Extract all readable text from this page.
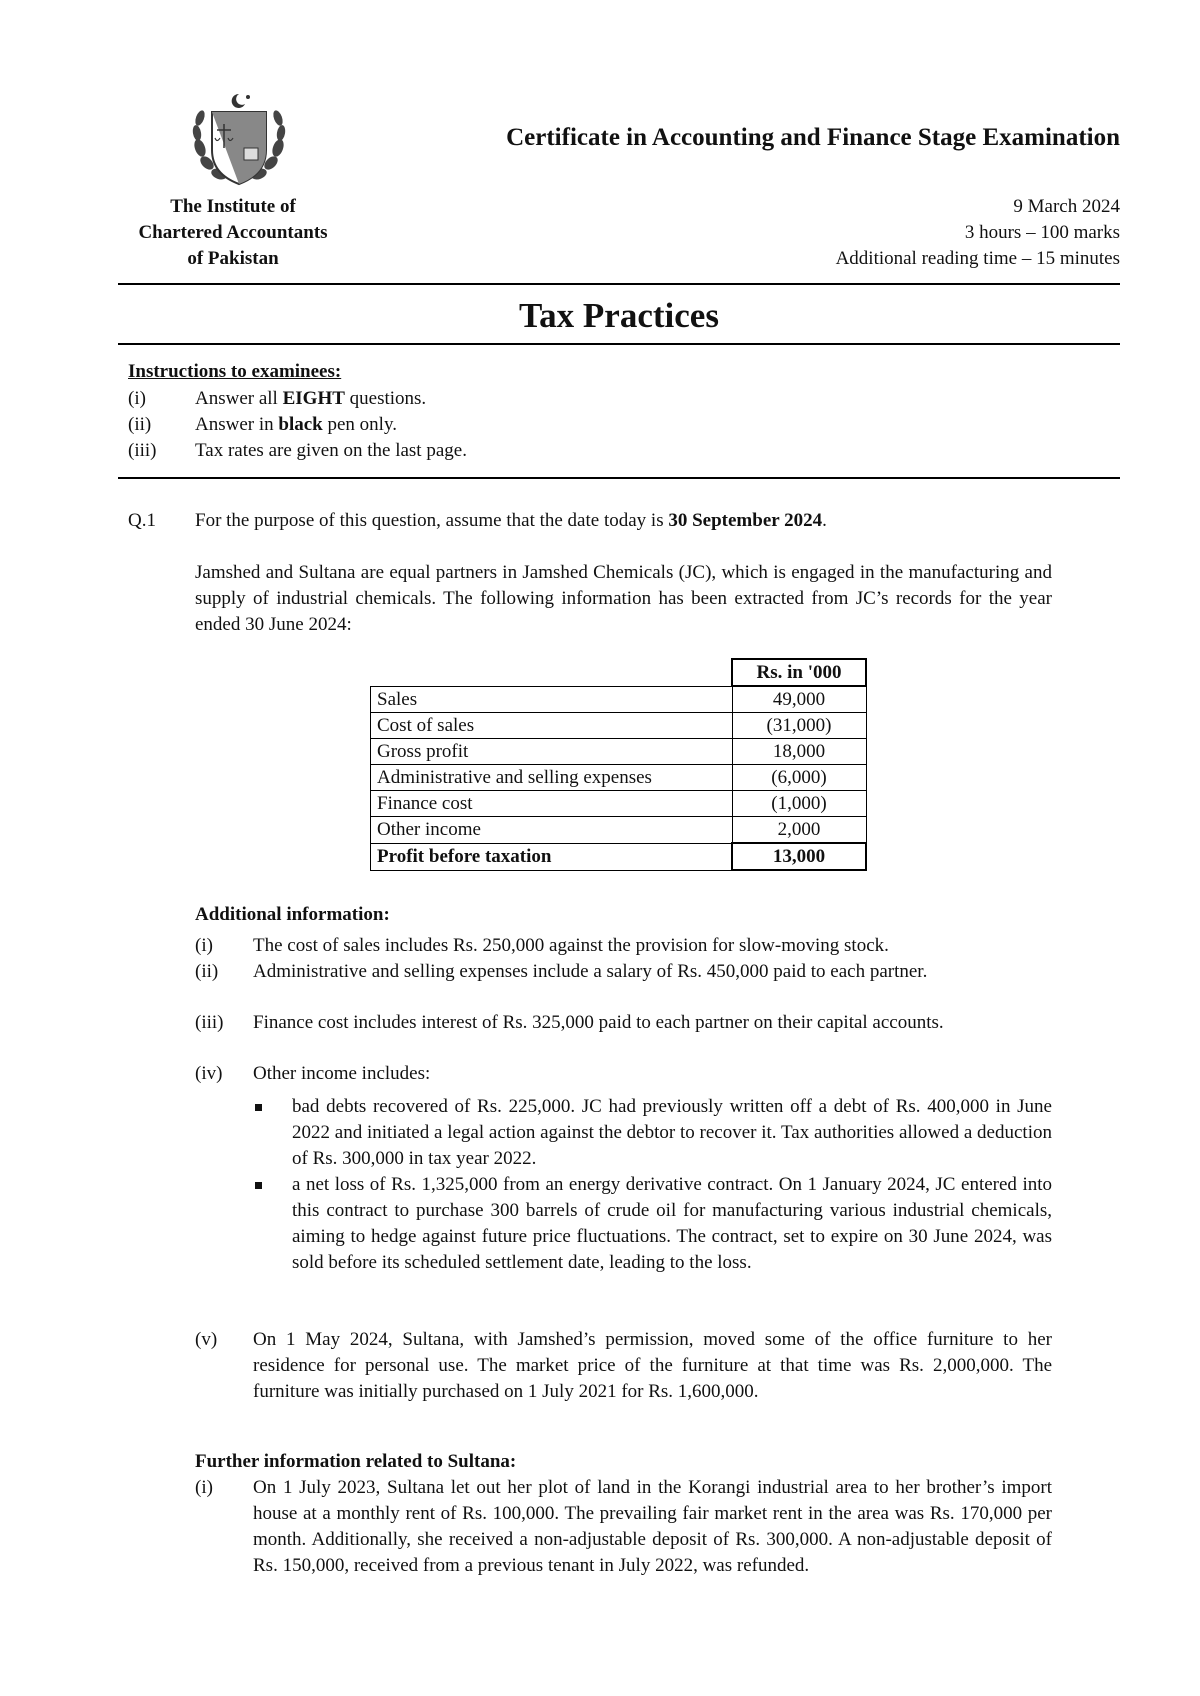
The Institute of
Chartered Accountants
of Pakistan
Certificate in Accounting and Finance Stage Examination
9 March 2024
3 hours – 100 marks
Additional reading time – 15 minutes
Tax Practices
Instructions to examinees:
(i)	Answer all EIGHT questions.
(ii) Answer in black pen only.
(iii) Tax rates are given on the last page.
Q.1 For the purpose of this question, assume that the date today is 30 September 2024.
Jamshed and Sultana are equal partners in Jamshed Chemicals (JC), which is engaged in the manufacturing and supply of industrial chemicals. The following information has been extracted from JC’s records for the year ended 30 June 2024:
	Rs. in '000
Sales	49,000
Cost of sales	(31,000)
Gross profit	18,000
Administrative and selling expenses	(6,000)
Finance cost	(1,000)
Other income	2,000
Profit before taxation	13,000
Additional information:
(i) The cost of sales includes Rs. 250,000 against the provision for slow-moving stock.
(ii) Administrative and selling expenses include a salary of Rs. 450,000 paid to each partner.
(iii) Finance cost includes interest of Rs. 325,000 paid to each partner on their capital accounts.
(iv) Other income includes:
bad debts recovered of Rs. 225,000. JC had previously written off a debt of Rs. 400,000 in June 2022 and initiated a legal action against the debtor to recover it. Tax authorities allowed a deduction of Rs. 300,000 in tax year 2022.
a net loss of Rs. 1,325,000 from an energy derivative contract. On 1 January 2024, JC entered into this contract to purchase 300 barrels of crude oil for manufacturing various industrial chemicals, aiming to hedge against future price fluctuations. The contract, set to expire on 30 June 2024, was sold before its scheduled settlement date, leading to the loss.
(v) On 1 May 2024, Sultana, with Jamshed’s permission, moved some of the office furniture to her residence for personal use. The market price of the furniture at that time was Rs. 2,000,000. The furniture was initially purchased on 1 July 2021 for Rs. 1,600,000.
Further information related to Sultana:
(i) On 1 July 2023, Sultana let out her plot of land in the Korangi industrial area to her brother’s import house at a monthly rent of Rs. 100,000. The prevailing fair market rent in the area was Rs. 170,000 per month. Additionally, she received a non-adjustable deposit of Rs. 300,000. A non-adjustable deposit of Rs. 150,000, received from a previous tenant in July 2022, was refunded.
